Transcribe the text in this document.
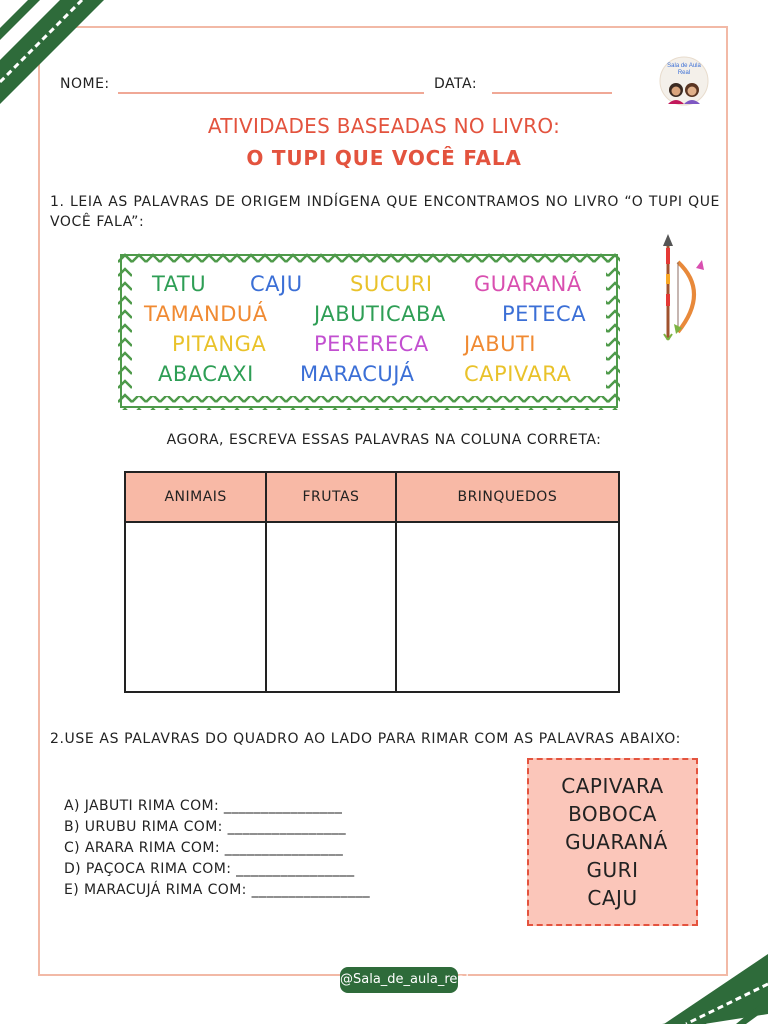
NOME:	DATA:
Sala de Aula
Real
ATIVIDADES BASEADAS NO LIVRO:
O TUPI QUE VOCÊ FALA
1. LEIA AS PALAVRAS DE ORIGEM INDÍGENA QUE ENCONTRAMOS NO LIVRO “O TUPI QUE VOCÊ FALA”:
TATU CAJU SUCURI GUARANÁ
TAMANDUÁ JABUTICABA	PETECA
PITANGA PERERECA JABUTI
ABACAXI MARACUJÁ CAPIVARA
AGORA, ESCREVA ESSAS PALAVRAS NA COLUNA CORRETA:
ANIMAIS	FRUTAS	BRINQUEDOS

2.USE AS PALAVRAS DO QUADRO AO LADO PARA RIMAR COM AS PALAVRAS ABAIXO:
A) JABUTI RIMA COM: ________________
B) URUBU RIMA COM: ________________
C) ARARA RIMA COM: ________________
D) PAÇOCA RIMA COM: ________________
E) MARACUJÁ RIMA COM: ________________
CAPIVARA
BOBOCA
GUARANÁ
GURI
CAJU
@Sala_de_aula_real
